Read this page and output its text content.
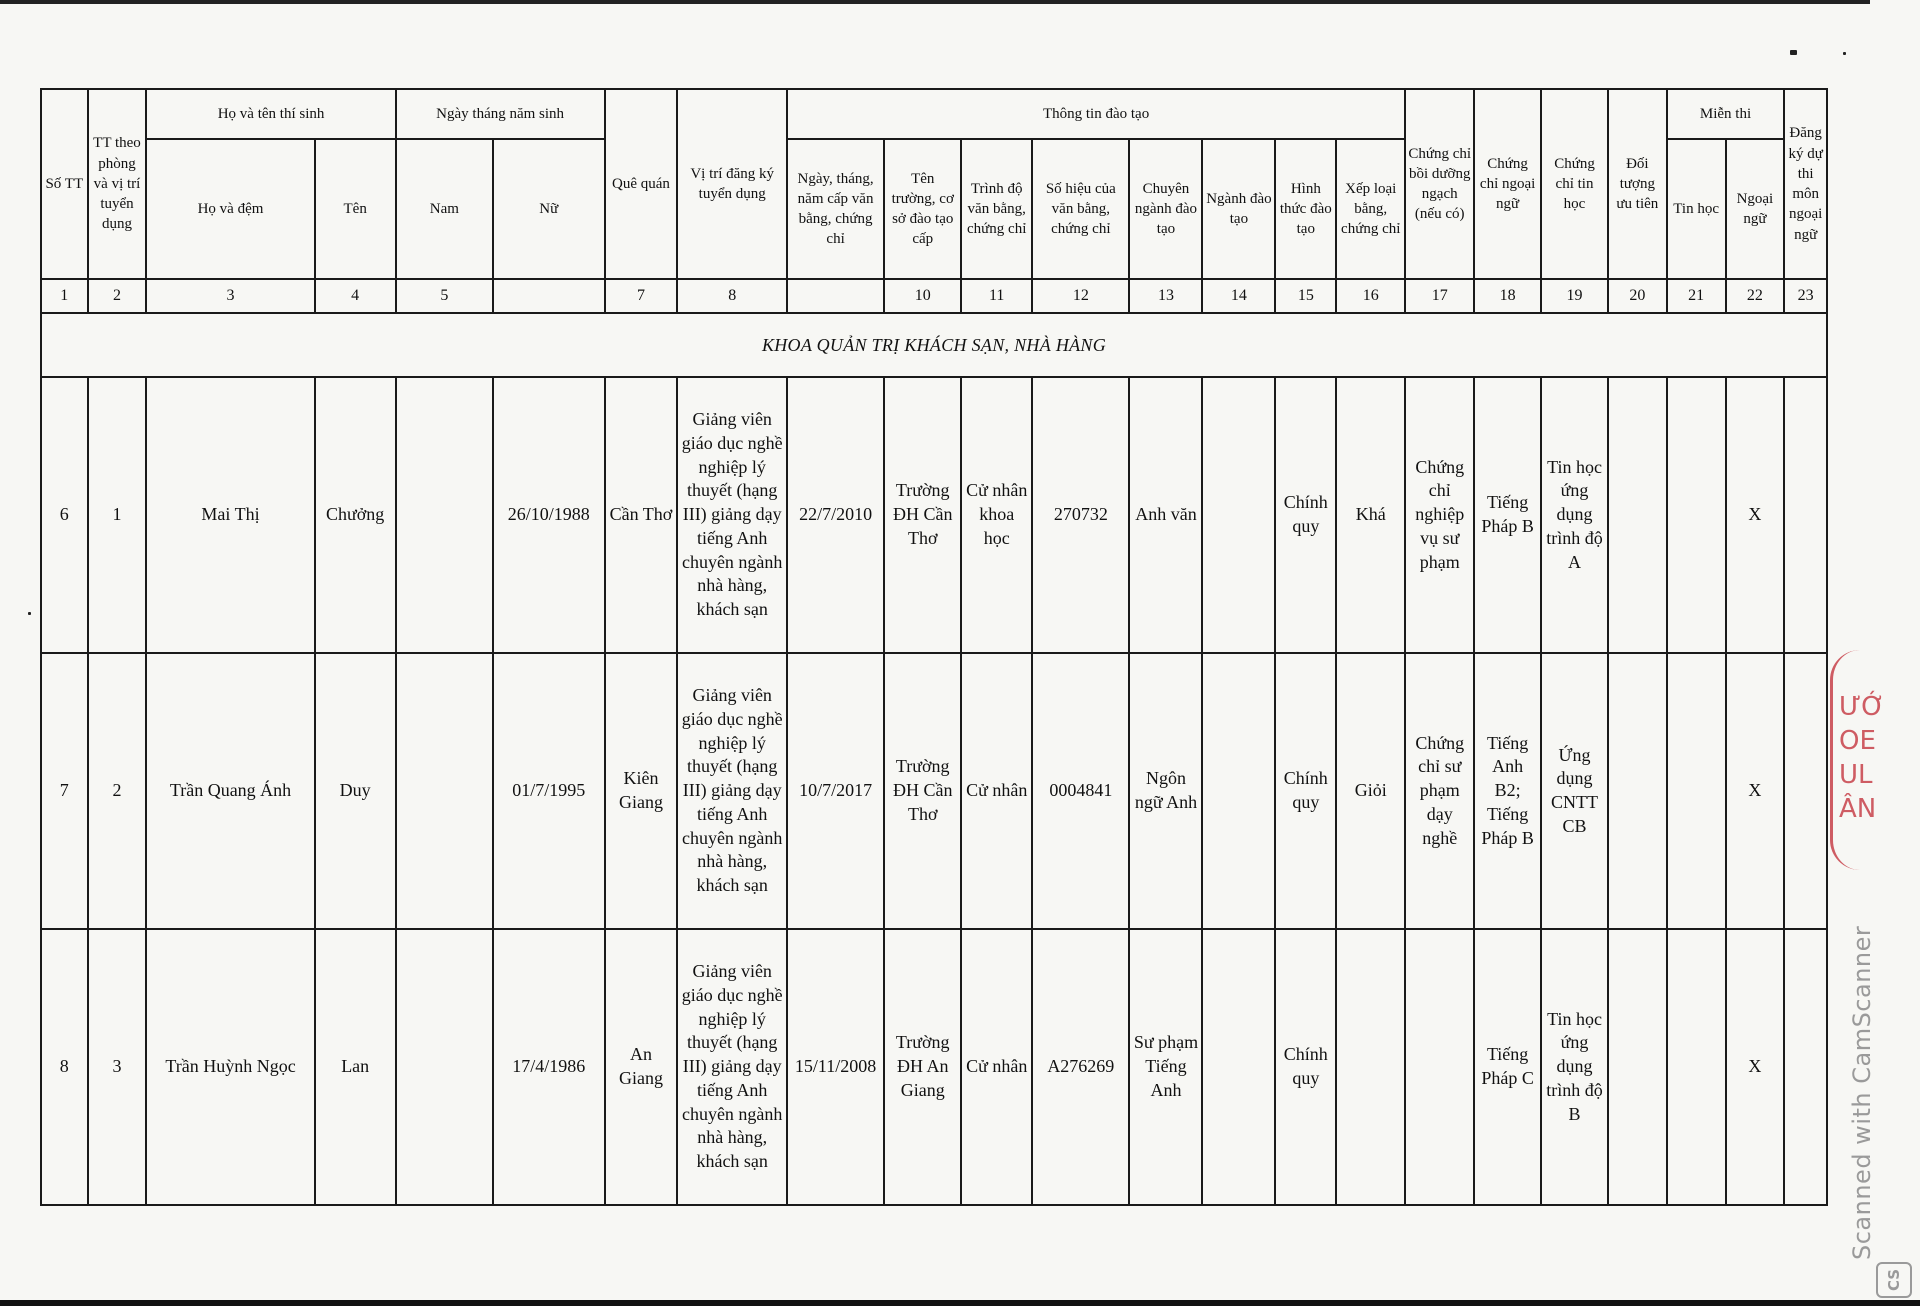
Số TT	TT theo phòng và vị trí tuyển dụng	Họ và tên thí sinh		Ngày tháng năm sinh		Quê quán	Vị trí đăng ký tuyển dụng	Thông tin đào tạo								Chứng chỉ bồi dưỡng ngạch (nếu có)	Chứng chỉ ngoại ngữ	Chứng chỉ tin học	Đối tượng ưu tiên	Miễn thi		Đăng ký dự thi môn ngoại ngữ
		Họ và đệm	Tên	Nam	Nữ			Ngày, tháng, năm cấp văn bằng, chứng chỉ	Tên trường, cơ sở đào tạo cấp	Trình độ văn bằng, chứng chỉ	Số hiệu của văn bằng, chứng chỉ	Chuyên ngành đào tạo	Ngành đào tạo	Hình thức đào tạo	Xếp loại bằng, chứng chỉ					Tin học	Ngoại ngữ	
1	2	3	4	5		7	8		10	11	12	13	14	15	16	17	18	19	20	21	22	23
KHOA QUẢN TRỊ KHÁCH SẠN, NHÀ HÀNG																						
6	1	Mai Thị	Chưởng		26/10/1988	Cần Thơ	Giảng viên giáo dục nghề nghiệp lý thuyết (hạng III) giảng dạy tiếng Anh chuyên ngành nhà hàng, khách sạn	22/7/2010	Trường ĐH Cần Thơ	Cử nhân khoa học	270732	Anh văn		Chính quy	Khá	Chứng chỉ nghiệp vụ sư phạm	Tiếng Pháp B	Tin học ứng dụng trình độ A			X	
7	2	Trần Quang Ánh	Duy		01/7/1995	Kiên Giang	Giảng viên giáo dục nghề nghiệp lý thuyết (hạng III) giảng dạy tiếng Anh chuyên ngành nhà hàng, khách sạn	10/7/2017	Trường ĐH Cần Thơ	Cử nhân	0004841	Ngôn ngữ Anh		Chính quy	Giỏi	Chứng chỉ sư phạm dạy nghề	Tiếng Anh B2; Tiếng Pháp B	Ứng dụng CNTT CB			X	
8	3	Trần Huỳnh Ngọc	Lan		17/4/1986	An Giang	Giảng viên giáo dục nghề nghiệp lý thuyết (hạng III) giảng dạy tiếng Anh chuyên ngành nhà hàng, khách sạn	15/11/2008	Trường ĐH An Giang	Cử nhân	A276269	Sư phạm Tiếng Anh		Chính quy			Tiếng Pháp C	Tin học ứng dụng trình độ B			X	
ƯỚ OE UL ÂN
Scanned with CamScanner
CS
